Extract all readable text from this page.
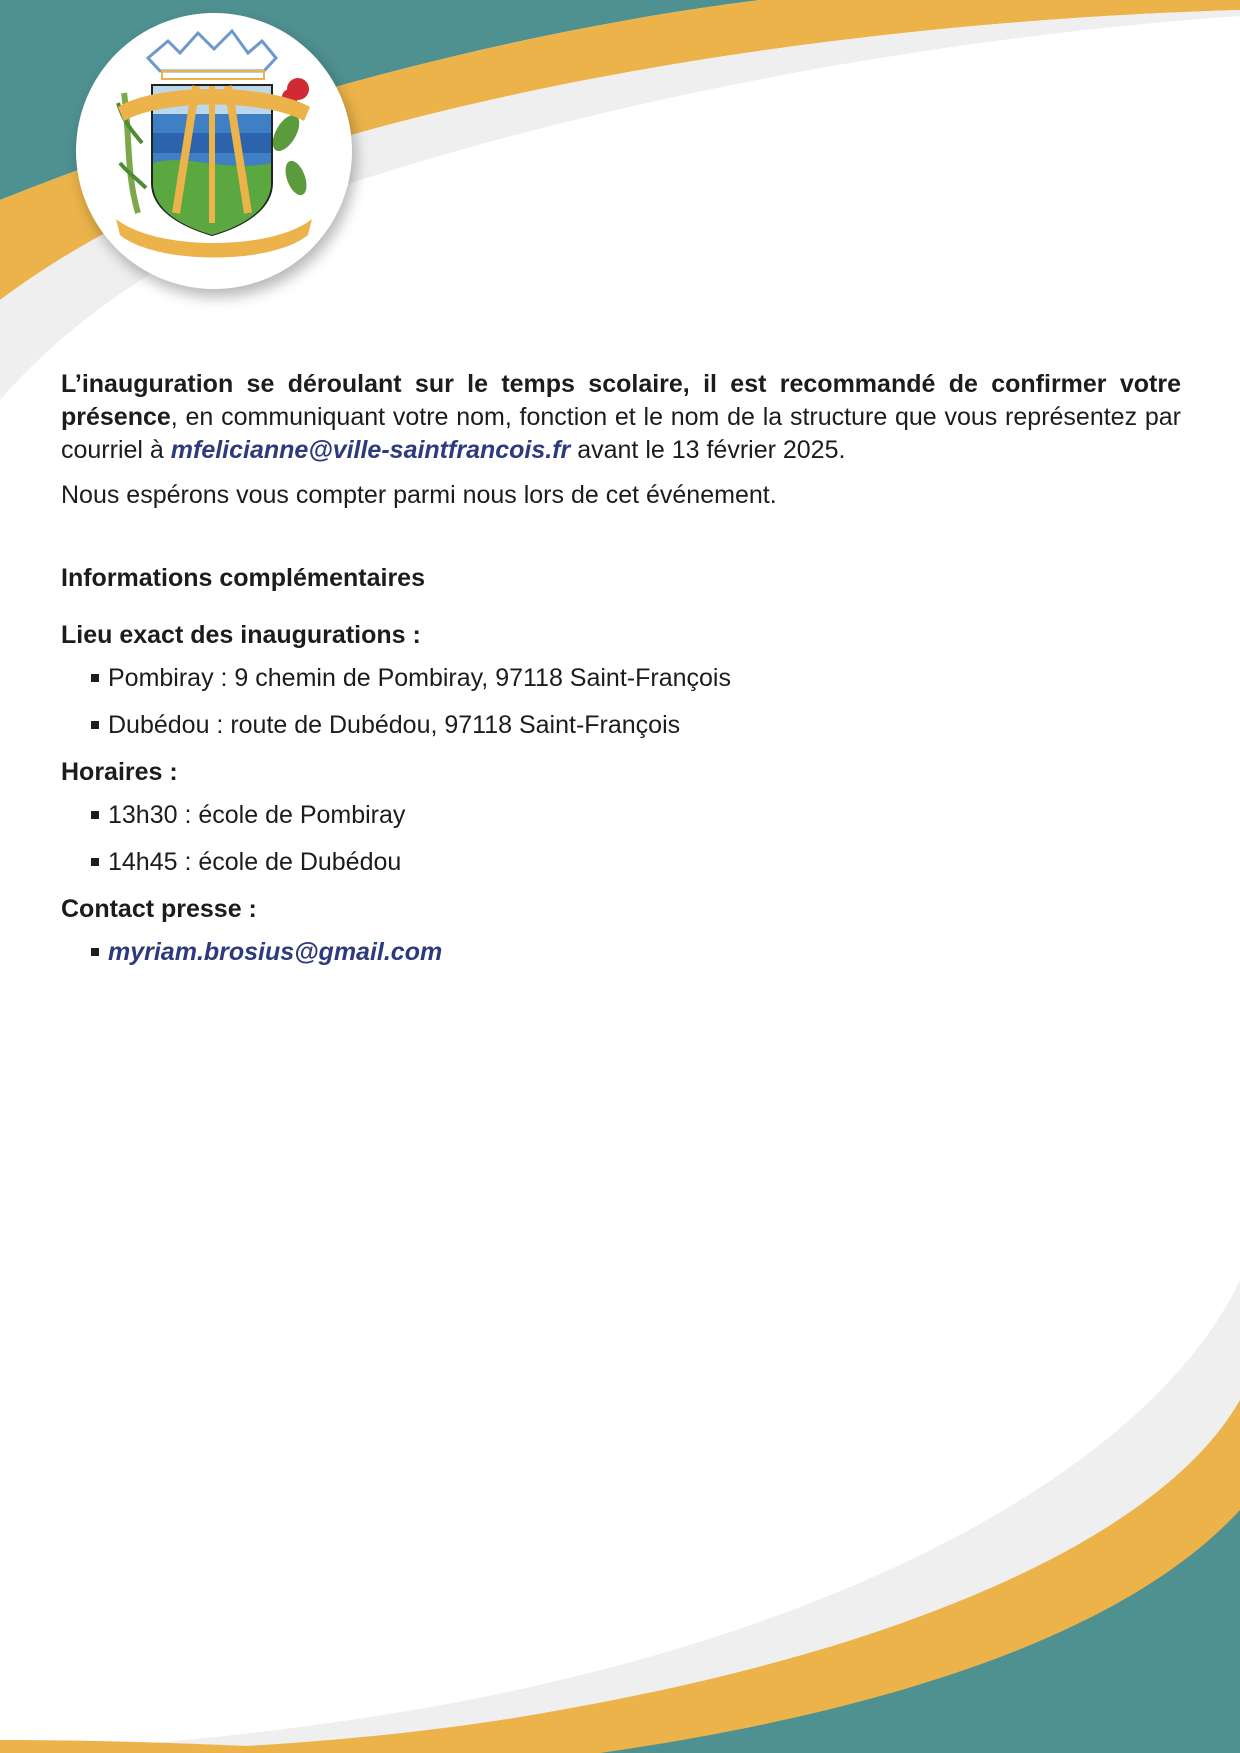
L’inauguration se déroulant sur le temps scolaire, il est recommandé de confirmer votre présence, en communiquant votre nom, fonction et le nom de la structure que vous représentez par courriel à mfelicianne@ville-saintfrancois.fr avant le 13 février 2025.

Nous espérons vous compter parmi nous lors de cet événement.

Informations complémentaires

Lieu exact des inaugurations :

Pombiray : 9 chemin de Pombiray, 97118 Saint-François
Dubédou : route de Dubédou, 97118 Saint-François

Horaires :

13h30 : école de Pombiray
14h45 : école de Dubédou

Contact presse :

myriam.brosius@gmail.com
